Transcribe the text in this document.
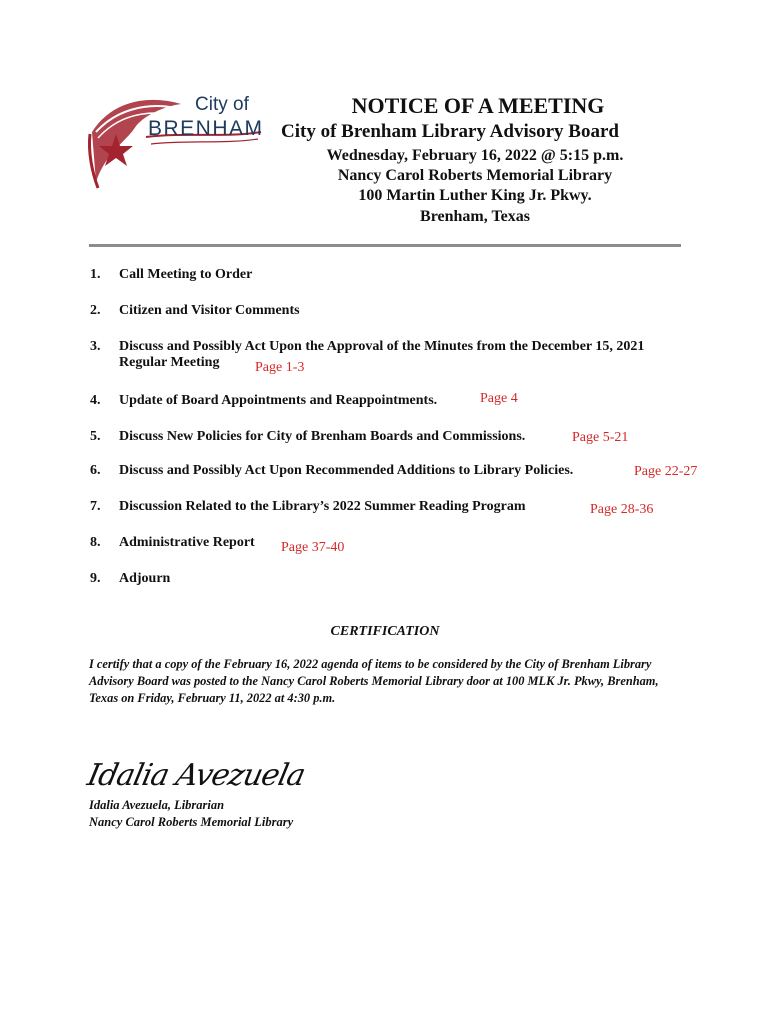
City of
BRENHAM
NOTICE OF A MEETING
City of Brenham Library Advisory Board
Wednesday, February 16, 2022 @ 5:15 p.m.
Nancy Carol Roberts Memorial Library
100 Martin Luther King Jr. Pkwy.
Brenham, Texas
1. Call Meeting to Order
2. Citizen and Visitor Comments
3. Discuss and Possibly Act Upon the Approval of the Minutes from the December 15, 2021
Regular Meeting	Page 1-3
4. Update of Board Appointments and Reappointments.	Page 4
5. Discuss New Policies for City of Brenham Boards and Commissions.	Page 5-21
6. Discuss and Possibly Act Upon Recommended Additions to Library Policies.	Page 22-27
7. Discussion Related to the Library’s 2022 Summer Reading Program	Page 28-36
8. Administrative Report Page 37-40
9. Adjourn
CERTIFICATION

I certify that a copy of the February 16, 2022 agenda of items to be considered by the City of Brenham Library Advisory Board was posted to the Nancy Carol Roberts Memorial Library door at 100 MLK Jr. Pkwy, Brenham, Texas on Friday, February 11, 2022 at 4:30 p.m.

Idalia Avezuela

Idalia Avezuela, Librarian

Nancy Carol Roberts Memorial Library
